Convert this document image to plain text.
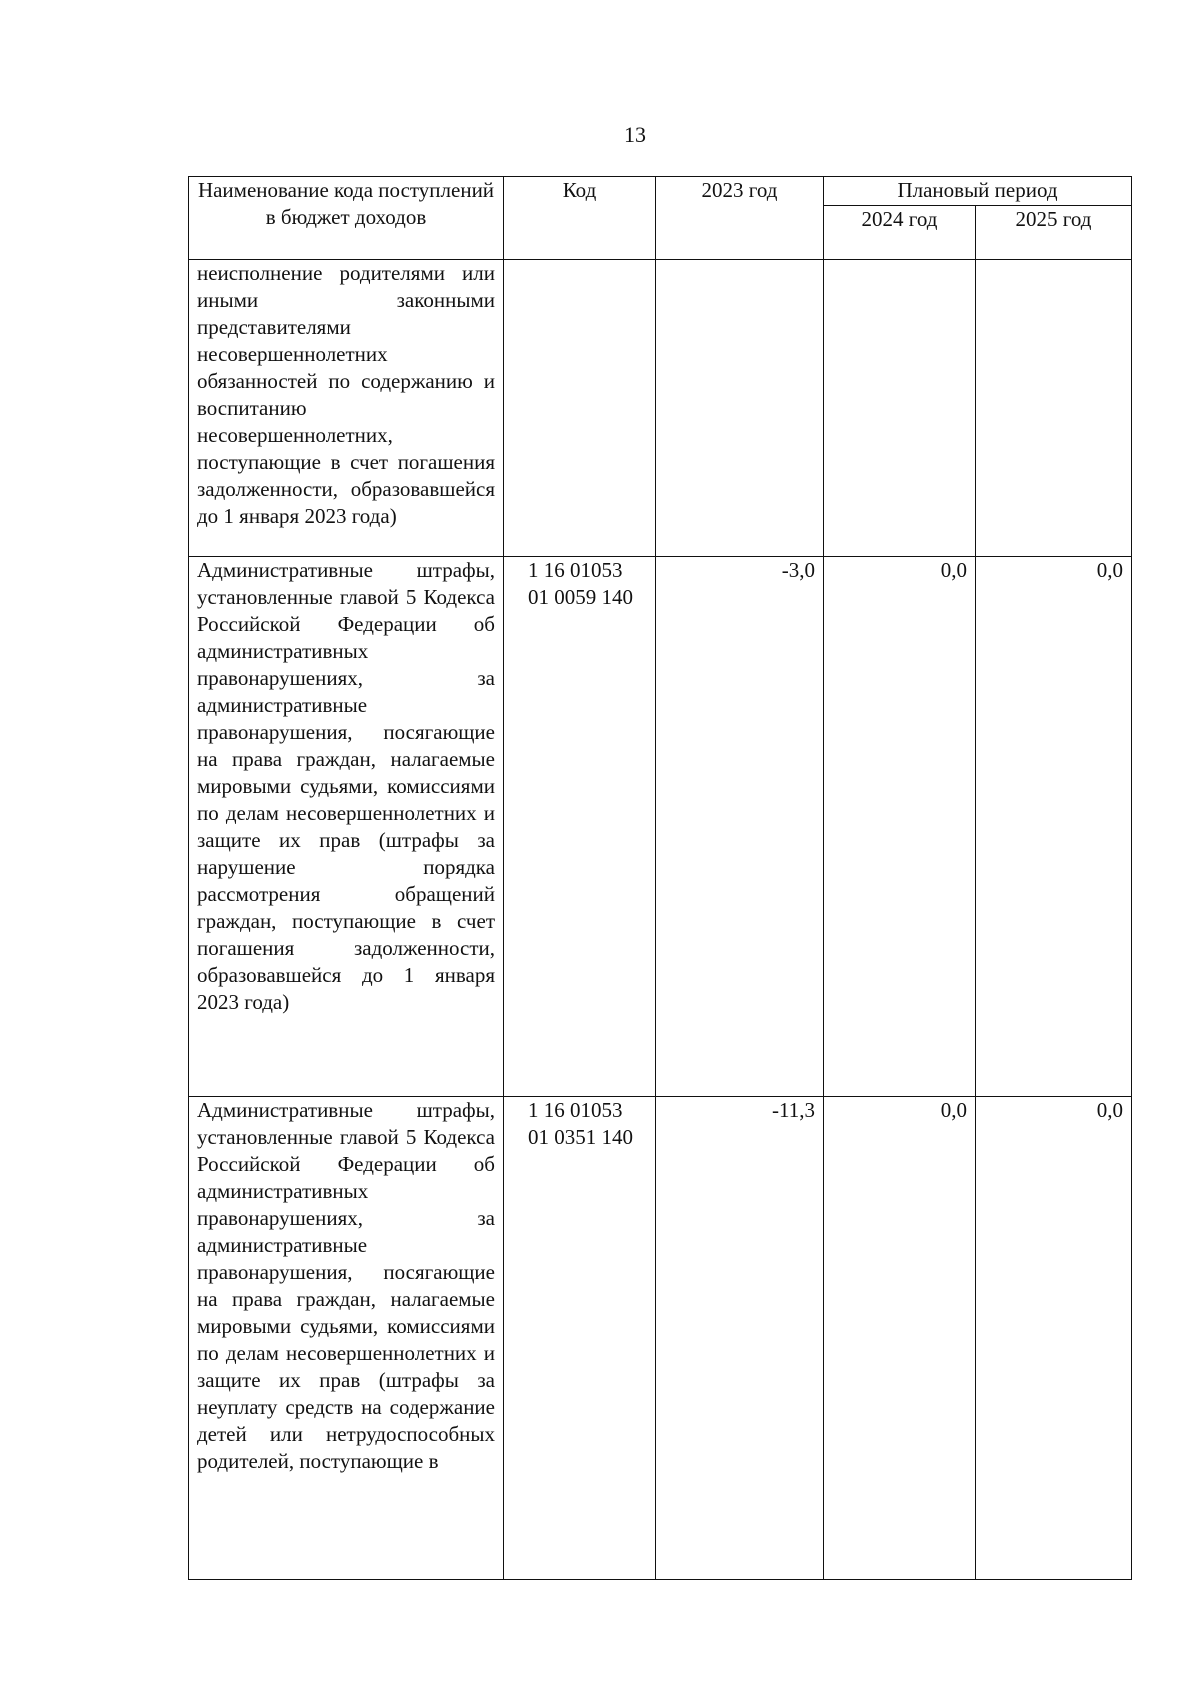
13
Наименование кода поступлений в бюджет доходов	Код	2023 год	Плановый период	
			2024 год	2025 год
неисполнение родителями или иными законными представителями несовершеннолетних обязанностей по содержанию и воспитанию несовершеннолетних, поступающие в счет погашения задолженности, образовавшейся до 1 января 2023 года)				
Административные штрафы, установленные главой 5 Кодекса Российской Федерации об административных правонарушениях, за административные правонарушения, посягающие на права граждан, налагаемые мировыми судьями, комиссиями по делам несовершеннолетних и защите их прав (штрафы за нарушение порядка рассмотрения обращений граждан, поступающие в счет погашения задолженности, образовавшейся до 1 января 2023 года)	1 16 01053 01 0059 140	-3,0	0,0	0,0
Административные штрафы, установленные главой 5 Кодекса Российской Федерации об административных правонарушениях, за административные правонарушения, посягающие на права граждан, налагаемые мировыми судьями, комиссиями по делам несовершеннолетних и защите их прав (штрафы за неуплату средств на содержание детей или нетрудоспособных родителей, поступающие в	1 16 01053 01 0351 140	-11,3	0,0	0,0
